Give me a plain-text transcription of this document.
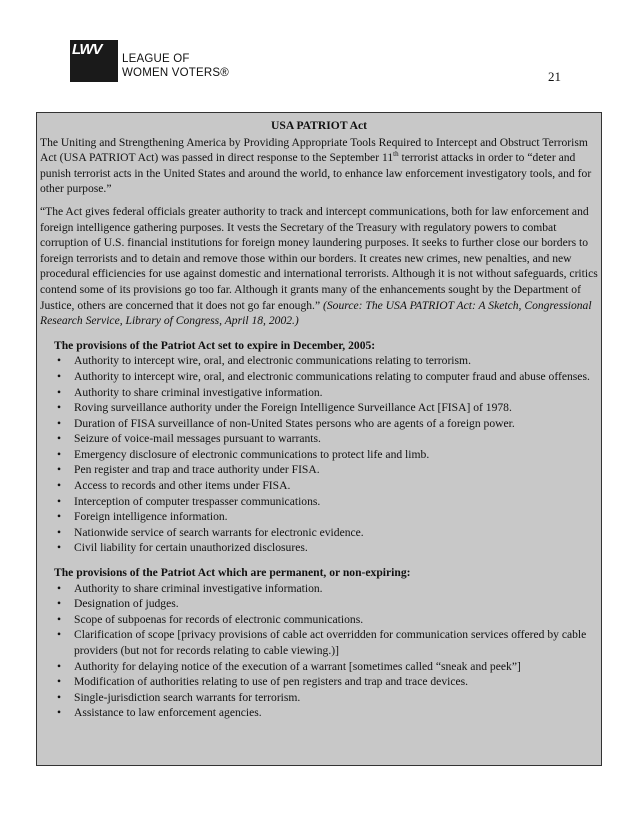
LWV
LEAGUE OF
WOMEN VOTERS®	21
USA PATRIOT Act

The Uniting and Strengthening America by Providing Appropriate Tools Required to Intercept and Obstruct Terrorism Act (USA PATRIOT Act) was passed in direct response to the September 11th terrorist attacks in order to “deter and punish terrorist acts in the United States and around the world, to enhance law enforcement investigatory tools, and for other purpose.”

“The Act gives federal officials greater authority to track and intercept communications, both for law enforcement and foreign intelligence gathering purposes. It vests the Secretary of the Treasury with regulatory powers to combat corruption of U.S. financial institutions for foreign money laundering purposes. It seeks to further close our borders to foreign terrorists and to detain and remove those within our borders. It creates new crimes, new penalties, and new procedural efficiencies for use against domestic and international terrorists. Although it is not without safeguards, critics contend some of its provisions go too far. Although it grants many of the enhancements sought by the Department of Justice, others are concerned that it does not go far enough.” (Source: The USA PATRIOT Act: A Sketch, Congressional Research Service, Library of Congress, April 18, 2002.)

The provisions of the Patriot Act set to expire in December, 2005:
• Authority to intercept wire, oral, and electronic communications relating to terrorism.
• Authority to intercept wire, oral, and electronic communications relating to computer fraud and abuse offenses.
• Authority to share criminal investigative information.
• Roving surveillance authority under the Foreign Intelligence Surveillance Act [FISA] of 1978.
• Duration of FISA surveillance of non-United States persons who are agents of a foreign power.
• Seizure of voice-mail messages pursuant to warrants.
• Emergency disclosure of electronic communications to protect life and limb.
• Pen register and trap and trace authority under FISA.
• Access to records and other items under FISA.
• Interception of computer trespasser communications.
• Foreign intelligence information.
• Nationwide service of search warrants for electronic evidence.
• Civil liability for certain unauthorized disclosures.
The provisions of the Patriot Act which are permanent, or non-expiring:
• Authority to share criminal investigative information.
• Designation of judges.
• Scope of subpoenas for records of electronic communications.
• Clarification of scope [privacy provisions of cable act overridden for communication services offered by cable providers (but not for records relating to cable viewing.)]
• Authority for delaying notice of the execution of a warrant [sometimes called “sneak and peek”]
• Modification of authorities relating to use of pen registers and trap and trace devices.
• Single-jurisdiction search warrants for terrorism.
• Assistance to law enforcement agencies.
